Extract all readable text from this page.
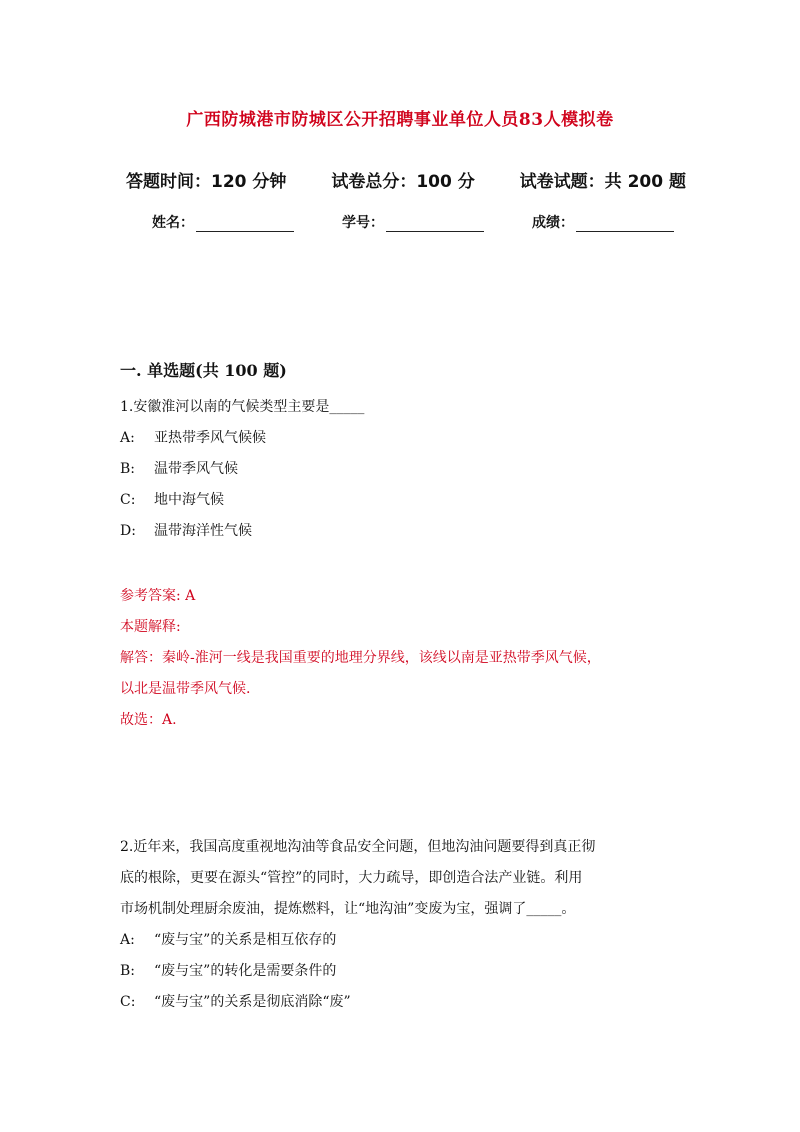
广西防城港市防城区公开招聘事业单位人员83人模拟卷
答题时间：120 分钟	试卷总分：100 分	试卷试题：共 200 题
姓名：	学号：	成绩：
一. 单选题(共 100 题)
1.安徽淮河以南的气候类型主要是_____
A: 亚热带季风气候候
B: 温带季风气候
C: 地中海气候
D: 温带海洋性气候
参考答案: A
本题解释:
解答：秦岭-淮河一线是我国重要的地理分界线，该线以南是亚热带季风气候，
以北是温带季风气候.
故选：A.
2.近年来，我国高度重视地沟油等食品安全问题，但地沟油问题要得到真正彻
底的根除，更要在源头“管控”的同时，大力疏导，即创造合法产业链。利用
市场机制处理厨余废油，提炼燃料，让“地沟油”变废为宝，强调了_____。
A: “废与宝”的关系是相互依存的
B: “废与宝”的转化是需要条件的
C: “废与宝”的关系是彻底消除“废”
